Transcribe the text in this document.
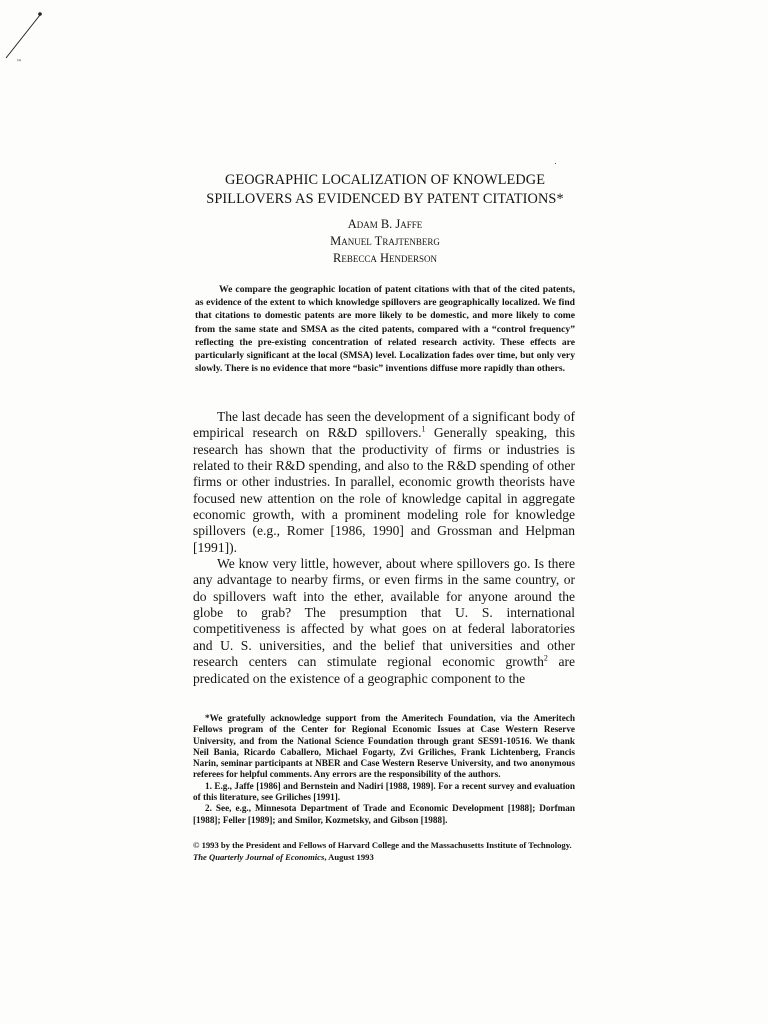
™
GEOGRAPHIC LOCALIZATION OF KNOWLEDGE
SPILLOVERS AS EVIDENCED BY PATENT CITATIONS*
Adam B. Jaffe
Manuel Trajtenberg
Rebecca Henderson

We compare the geographic location of patent citations with that of the cited patents, as evidence of the extent to which knowledge spillovers are geographically localized. We find that citations to domestic patents are more likely to be domestic, and more likely to come from the same state and SMSA as the cited patents, compared with a “control frequency” reflecting the pre-existing concentration of related research activity. These effects are particularly significant at the local (SMSA) level. Localization fades over time, but only very slowly. There is no evidence that more “basic” inventions diffuse more rapidly than others.

The last decade has seen the development of a significant body of empirical research on R&D spillovers.$^1$ Generally speaking, this research has shown that the productivity of firms or industries is related to their R&D spending, and also to the R&D spending of other firms or other industries. In parallel, economic growth theorists have focused new attention on the role of knowledge capital in aggregate economic growth, with a prominent modeling role for knowledge spillovers (e.g., Romer [1986, 1990] and Grossman and Helpman [1991]).

We know very little, however, about where spillovers go. Is there any advantage to nearby firms, or even firms in the same country, or do spillovers waft into the ether, available for anyone around the globe to grab? The presumption that U. S. international competitiveness is affected by what goes on at federal laboratories and U. S. universities, and the belief that universities and other research centers can stimulate regional economic growth$^2$ are predicated on the existence of a geographic component to the

*We gratefully acknowledge support from the Ameritech Foundation, via the Ameritech Fellows program of the Center for Regional Economic Issues at Case Western Reserve University, and from the National Science Foundation through grant SES91-10516. We thank Neil Bania, Ricardo Caballero, Michael Fogarty, Zvi Griliches, Frank Lichtenberg, Francis Narin, seminar participants at NBER and Case Western Reserve University, and two anonymous referees for helpful comments. Any errors are the responsibility of the authors.

1. E.g., Jaffe [1986] and Bernstein and Nadiri [1988, 1989]. For a recent survey and evaluation of this literature, see Griliches [1991].

2. See, e.g., Minnesota Department of Trade and Economic Development [1988]; Dorfman [1988]; Feller [1989]; and Smilor, Kozmetsky, and Gibson [1988].

© 1993 by the President and Fellows of Harvard College and the Massachusetts Institute of Technology.

The Quarterly Journal of Economics, August 1993
